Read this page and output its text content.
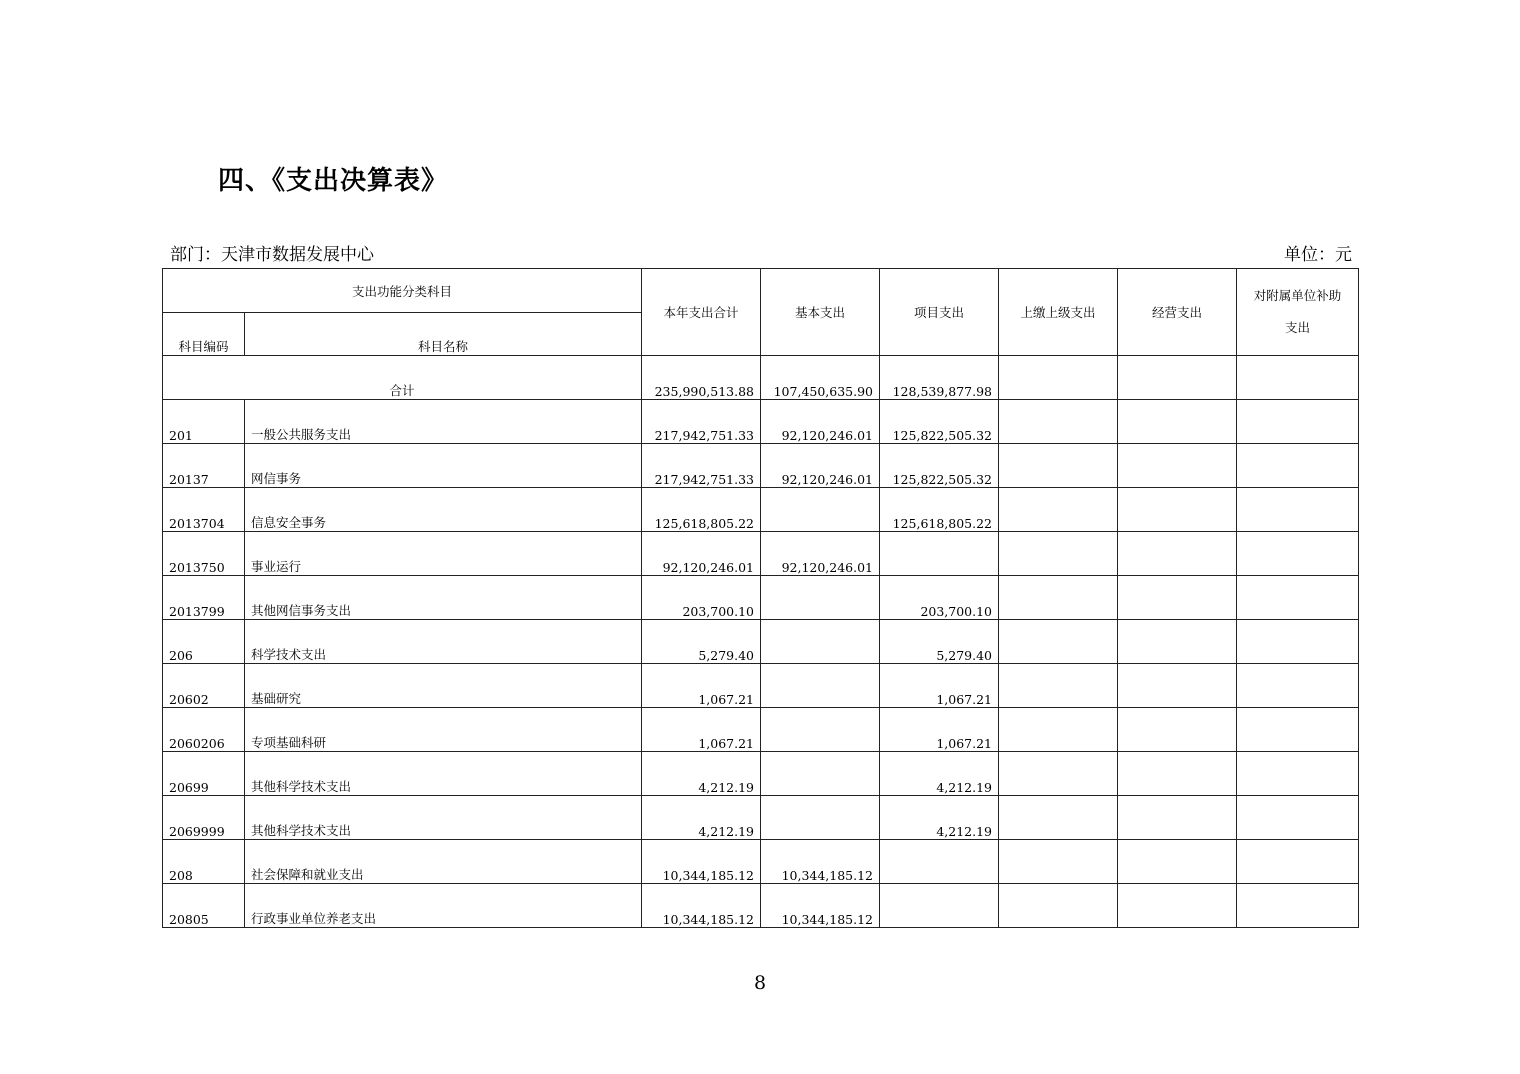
四、《支出决算表》
部门：天津市数据发展中心	单位：元
支出功能分类科目		本年支出合计	基本支出	项目支出	上缴上级支出	经营支出	对附属单位补助
支出

科目编码	科目名称						
合计		235,990,513.88	107,450,635.90	128,539,877.98			
201	一般公共服务支出	217,942,751.33	92,120,246.01	125,822,505.32			
20137	网信事务	217,942,751.33	92,120,246.01	125,822,505.32			
2013704	信息安全事务	125,618,805.22		125,618,805.22			
2013750	事业运行	92,120,246.01	92,120,246.01				
2013799	其他网信事务支出	203,700.10		203,700.10			
206	科学技术支出	5,279.40		5,279.40			
20602	基础研究	1,067.21		1,067.21			
2060206	专项基础科研	1,067.21		1,067.21			
20699	其他科学技术支出	4,212.19		4,212.19			
2069999	其他科学技术支出	4,212.19		4,212.19			
208	社会保障和就业支出	10,344,185.12	10,344,185.12				
20805	行政事业单位养老支出	10,344,185.12	10,344,185.12				
8
